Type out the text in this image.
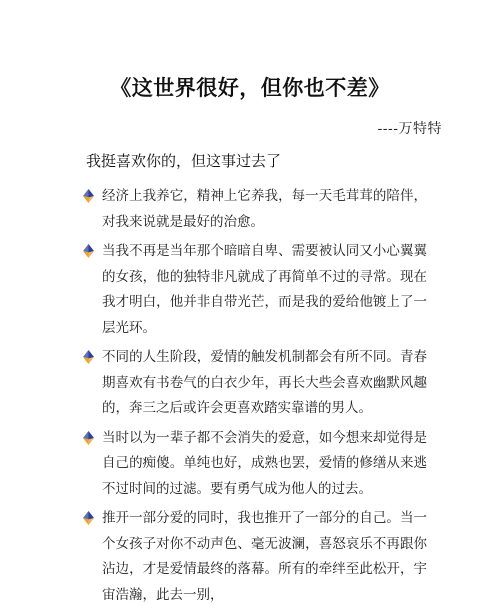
《这世界很好，但你也不差》
----万特特
我挺喜欢你的，但这事过去了
经济上我养它，精神上它养我，每一天毛茸茸的陪伴，对我来说就是最好的治愈。
当我不再是当年那个暗暗自卑、需要被认同又小心翼翼的女孩，他的独特非凡就成了再简单不过的寻常。现在我才明白，他并非自带光芒，而是我的爱给他镀上了一层光环。
不同的人生阶段，爱情的触发机制都会有所不同。青春期喜欢有书卷气的白衣少年，再长大些会喜欢幽默风趣的，奔三之后或许会更喜欢踏实靠谱的男人。
当时以为一辈子都不会消失的爱意，如今想来却觉得是自己的痴傻。单纯也好，成熟也罢，爱情的修缮从来逃不过时间的过滤。要有勇气成为他人的过去。
推开一部分爱的同时，我也推开了一部分的自己。当一个女孩子对你不动声色、毫无波澜，喜怒哀乐不再跟你沾边，才是爱情最终的落幕。所有的牵绊至此松开，宇宙浩瀚，此去一别，
